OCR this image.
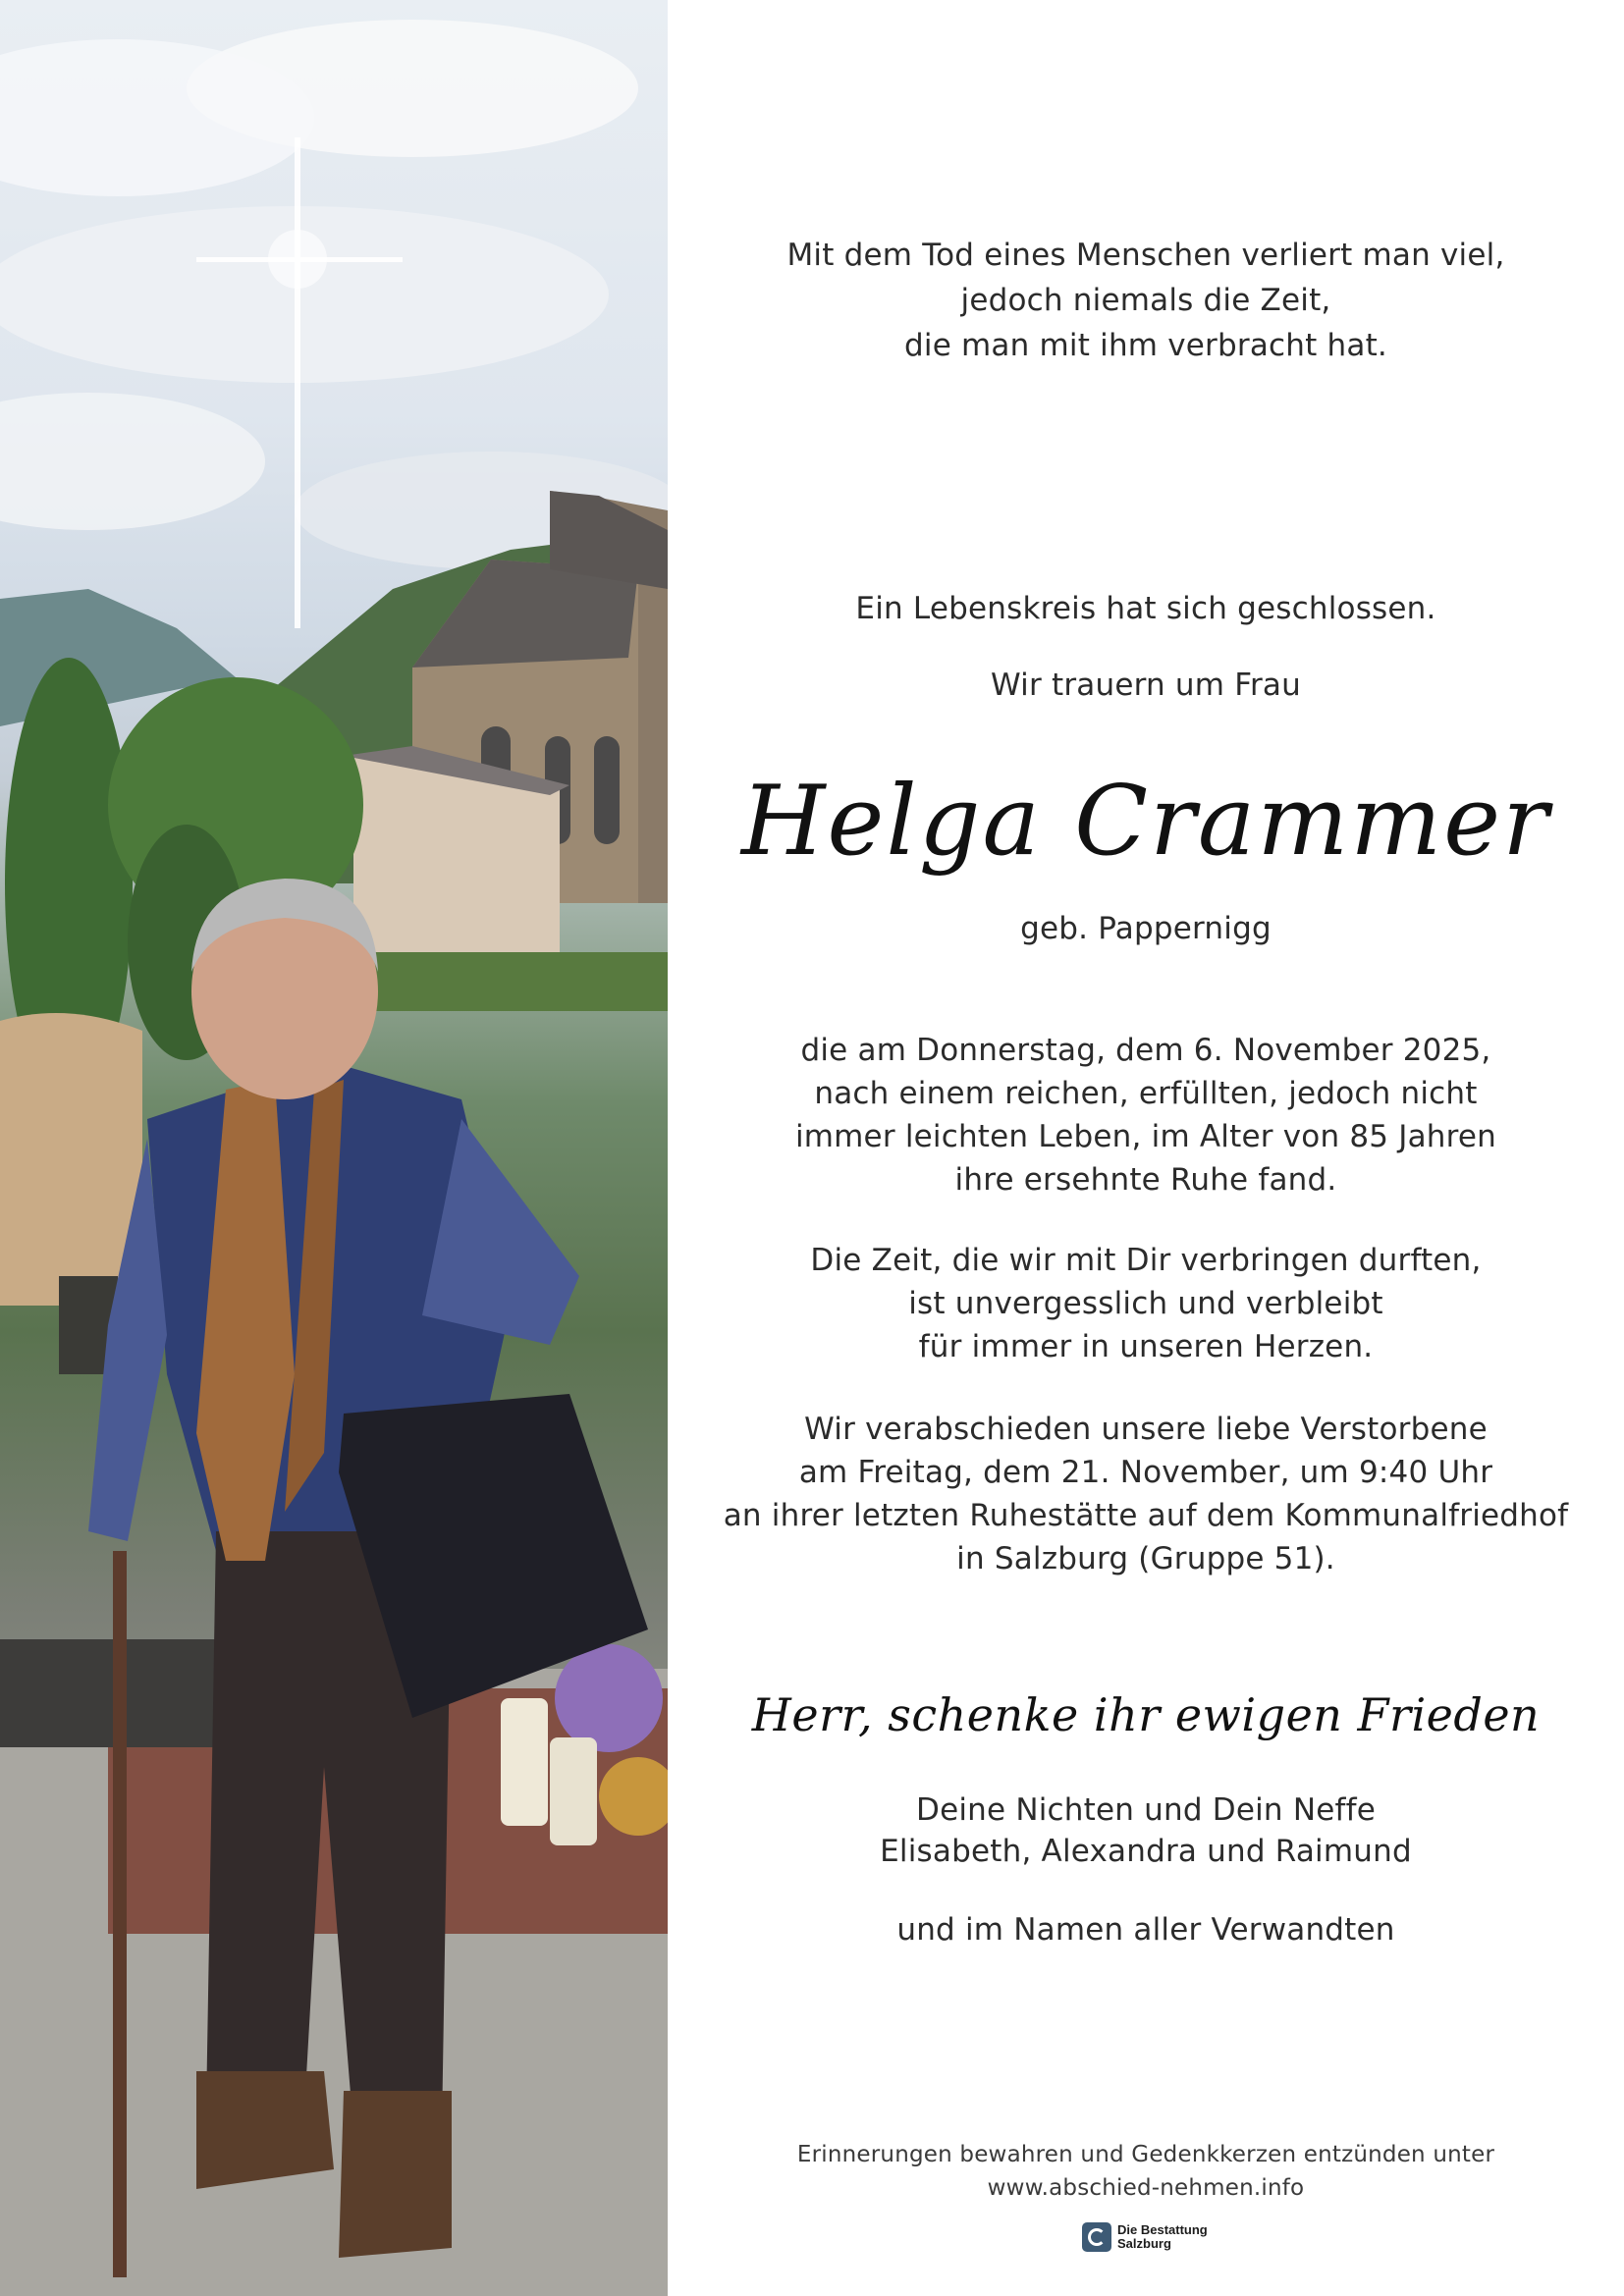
Mit dem Tod eines Menschen verliert man viel,
jedoch niemals die Zeit,
die man mit ihm verbracht hat.
Ein Lebenskreis hat sich geschlossen.
Wir trauern um Frau
Helga Crammer
geb. Pappernigg
die am Donnerstag, dem 6. November 2025,
nach einem reichen, erfüllten, jedoch nicht
immer leichten Leben, im Alter von 85 Jahren
ihre ersehnte Ruhe fand.
Die Zeit, die wir mit Dir verbringen durften,
ist unvergesslich und verbleibt
für immer in unseren Herzen.
Wir verabschieden unsere liebe Verstorbene
am Freitag, dem 21. November, um 9:40 Uhr
an ihrer letzten Ruhestätte auf dem Kommunalfriedhof
in Salzburg (Gruppe 51).
Herr, schenke ihr ewigen Frieden
Deine Nichten und Dein Neffe
Elisabeth, Alexandra und Raimund
und im Namen aller Verwandten
Erinnerungen bewahren und Gedenkkerzen entzünden unter
www.abschied-nehmen.info
Die Bestattung
Salzburg
